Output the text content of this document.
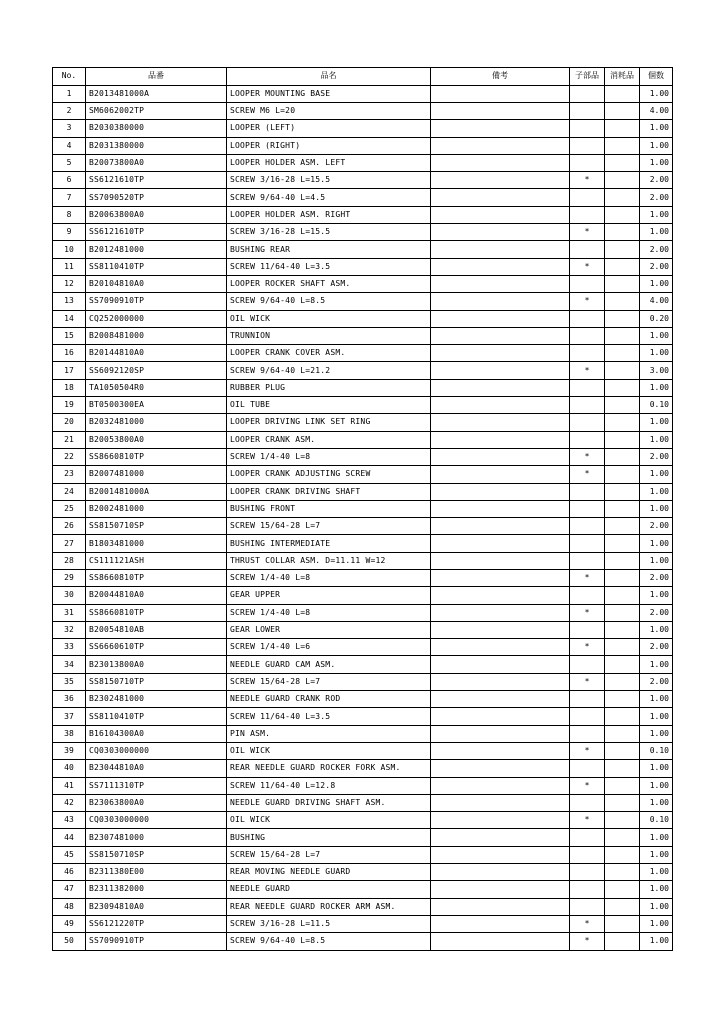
No.	品番	品名	備考	子部品	消耗品	個数
1	B2013481000A	LOOPER MOUNTING BASE				1.00
2	SM6062002TP	SCREW M6 L=20				4.00
3	B2030380000	LOOPER (LEFT)				1.00
4	B2031380000	LOOPER (RIGHT)				1.00
5	B20073800A0	LOOPER HOLDER ASM. LEFT				1.00
6	SS6121610TP	SCREW 3/16-28 L=15.5		*		2.00
7	SS7090520TP	SCREW 9/64-40 L=4.5				2.00
8	B20063800A0	LOOPER HOLDER ASM. RIGHT				1.00
9	SS6121610TP	SCREW 3/16-28 L=15.5		*		1.00
10	B2012481000	BUSHING REAR				2.00
11	SS8110410TP	SCREW 11/64-40 L=3.5		*		2.00
12	B20104810A0	LOOPER ROCKER SHAFT ASM.				1.00
13	SS7090910TP	SCREW 9/64-40 L=8.5		*		4.00
14	CQ252000000	OIL WICK				0.20
15	B2008481000	TRUNNION				1.00
16	B20144810A0	LOOPER CRANK COVER ASM.				1.00
17	SS6092120SP	SCREW 9/64-40 L=21.2		*		3.00
18	TA1050504R0	RUBBER PLUG				1.00
19	BT0500300EA	OIL TUBE				0.10
20	B2032481000	LOOPER DRIVING LINK SET RING				1.00
21	B20053800A0	LOOPER CRANK ASM.				1.00
22	SS8660810TP	SCREW 1/4-40 L=8		*		2.00
23	B2007481000	LOOPER CRANK ADJUSTING SCREW		*		1.00
24	B2001481000A	LOOPER CRANK DRIVING SHAFT				1.00
25	B2002481000	BUSHING FRONT				1.00
26	SS8150710SP	SCREW 15/64-28 L=7				2.00
27	B1803481000	BUSHING INTERMEDIATE				1.00
28	CS111121ASH	THRUST COLLAR ASM. D=11.11 W=12				1.00
29	SS8660810TP	SCREW 1/4-40 L=8		*		2.00
30	B20044810A0	GEAR UPPER				1.00
31	SS8660810TP	SCREW 1/4-40 L=8		*		2.00
32	B20054810AB	GEAR LOWER				1.00
33	SS6660610TP	SCREW 1/4-40 L=6		*		2.00
34	B23013800A0	NEEDLE GUARD CAM ASM.				1.00
35	SS8150710TP	SCREW 15/64-28 L=7		*		2.00
36	B2302481000	NEEDLE GUARD CRANK ROD				1.00
37	SS8110410TP	SCREW 11/64-40 L=3.5				1.00
38	B16104300A0	PIN ASM.				1.00
39	CQ0303000000	OIL WICK		*		0.10
40	B23044810A0	REAR NEEDLE GUARD ROCKER FORK ASM.				1.00
41	SS7111310TP	SCREW 11/64-40 L=12.8		*		1.00
42	B23063800A0	NEEDLE GUARD DRIVING SHAFT ASM.				1.00
43	CQ0303000000	OIL WICK		*		0.10
44	B2307481000	BUSHING				1.00
45	SS8150710SP	SCREW 15/64-28 L=7				1.00
46	B2311380E00	REAR MOVING NEEDLE GUARD				1.00
47	B2311382000	NEEDLE GUARD				1.00
48	B23094810A0	REAR NEEDLE GUARD ROCKER ARM ASM.				1.00
49	SS6121220TP	SCREW 3/16-28 L=11.5		*		1.00
50	SS7090910TP	SCREW 9/64-40 L=8.5		*		1.00
